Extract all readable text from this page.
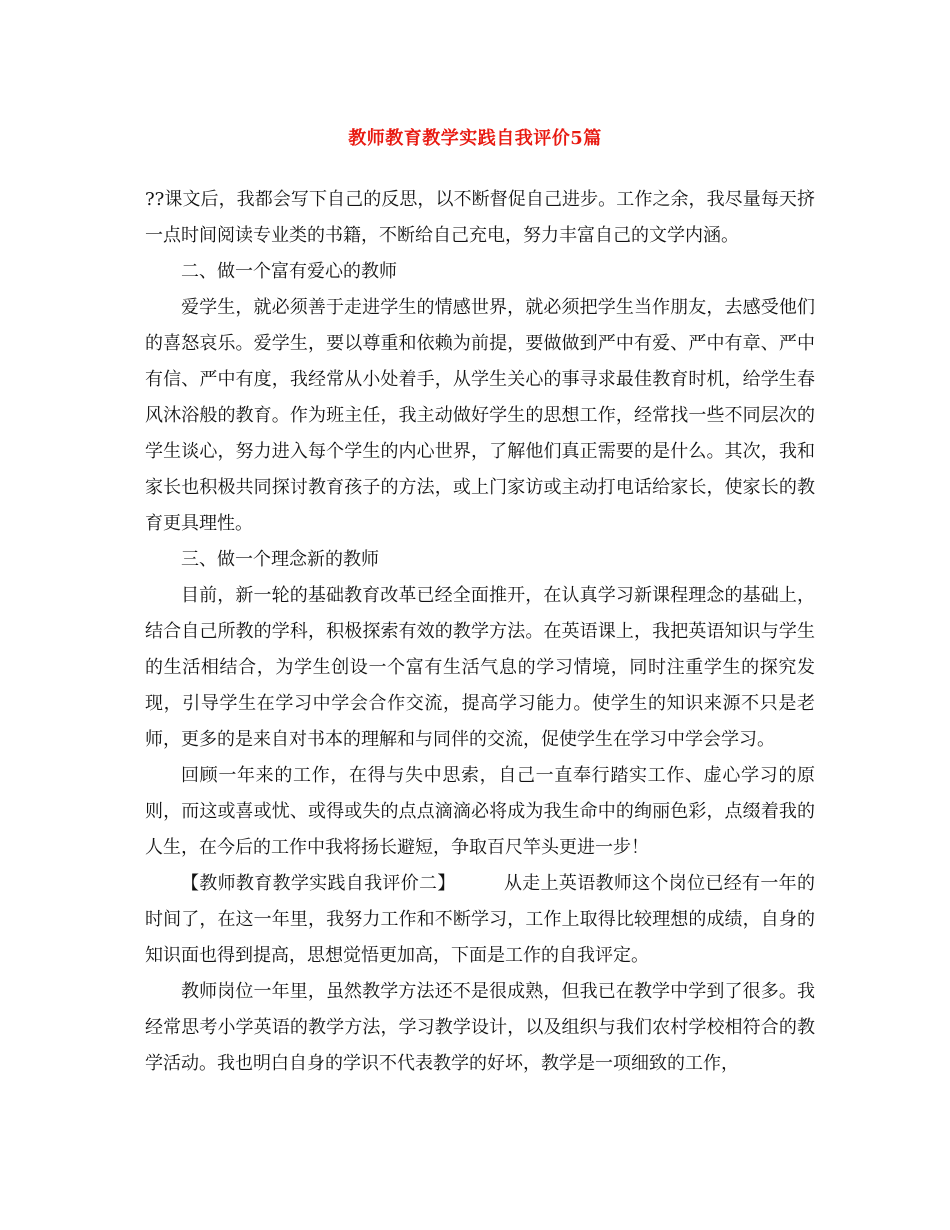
教师教育教学实践自我评价5篇

??课文后，我都会写下自己的反思，以不断督促自己进步。工作之余，我尽量每天挤一点时间阅读专业类的书籍，不断给自己充电，努力丰富自己的文学内涵。

二、做一个富有爱心的教师

爱学生，就必须善于走进学生的情感世界，就必须把学生当作朋友，去感受他们的喜怒哀乐。爱学生，要以尊重和依赖为前提，要做做到严中有爱、严中有章、严中有信、严中有度，我经常从小处着手，从学生关心的事寻求最佳教育时机，给学生春风沐浴般的教育。作为班主任，我主动做好学生的思想工作，经常找一些不同层次的学生谈心，努力进入每个学生的内心世界，了解他们真正需要的是什么。其次，我和家长也积极共同探讨教育孩子的方法，或上门家访或主动打电话给家长，使家长的教育更具理性。

三、做一个理念新的教师

目前，新一轮的基础教育改革已经全面推开，在认真学习新课程理念的基础上，结合自己所教的学科，积极探索有效的教学方法。在英语课上，我把英语知识与学生的生活相结合，为学生创设一个富有生活气息的学习情境，同时注重学生的探究发现，引导学生在学习中学会合作交流，提高学习能力。使学生的知识来源不只是老师，更多的是来自对书本的理解和与同伴的交流，促使学生在学习中学会学习。

回顾一年来的工作，在得与失中思索，自己一直奉行踏实工作、虚心学习的原则，而这或喜或忧、或得或失的点点滴滴必将成为我生命中的绚丽色彩，点缀着我的人生，在今后的工作中我将扬长避短，争取百尺竿头更进一步！

【教师教育教学实践自我评价二】	从走上英语教师这个岗位已经有一年的时间了，在这一年里，我努力工作和不断学习，工作上取得比较理想的成绩，自身的知识面也得到提高，思想觉悟更加高，下面是工作的自我评定。

教师岗位一年里，虽然教学方法还不是很成熟，但我已在教学中学到了很多。我经常思考小学英语的教学方法，学习教学设计，以及组织与我们农村学校相符合的教学活动。我也明白自身的学识不代表教学的好坏，教学是一项细致的工作，
